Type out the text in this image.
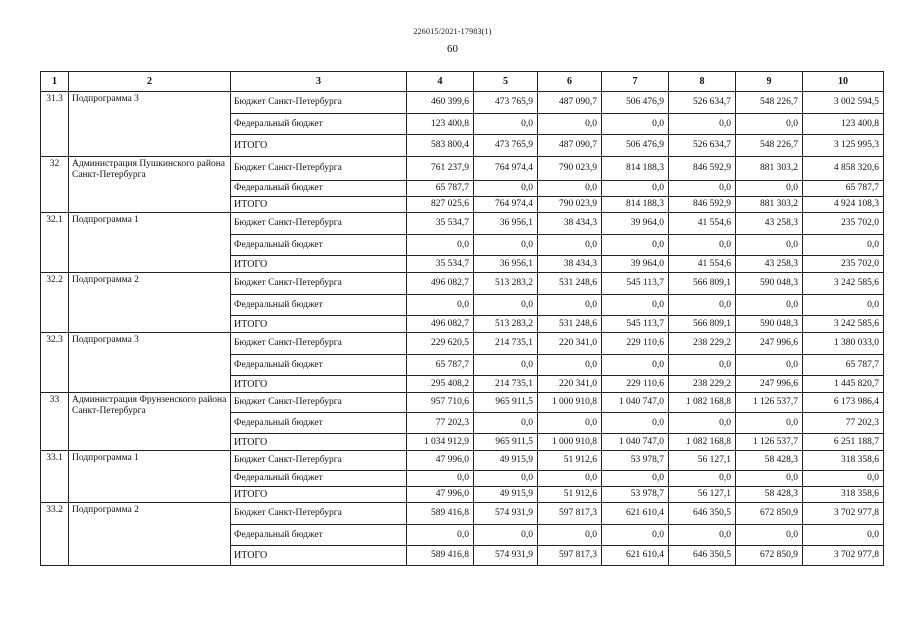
226015/2021-17983(1)
60
1	2	3	4	5	6	7	8	9	10
31.3	Подпрограмма 3	Бюджет Санкт-Петербурга	460 399,6	473 765,9	487 090,7	506 476,9	526 634,7	548 226,7	3 002 594,5
		Федеральный бюджет	123 400,8	0,0	0,0	0,0	0,0	0,0	123 400,8
		ИТОГО	583 800,4	473 765,9	487 090,7	506 476,9	526 634,7	548 226,7	3 125 995,3
32	Администрация Пушкинского района Санкт-Петербурга	Бюджет Санкт-Петербурга	761 237,9	764 974,4	790 023,9	814 188,3	846 592,9	881 303,2	4 858 320,6
		Федеральный бюджет	65 787,7	0,0	0,0	0,0	0,0	0,0	65 787,7
		ИТОГО	827 025,6	764 974,4	790 023,9	814 188,3	846 592,9	881 303,2	4 924 108,3
32.1	Подпрограмма 1	Бюджет Санкт-Петербурга	35 534,7	36 956,1	38 434,3	39 964,0	41 554,6	43 258,3	235 702,0
		Федеральный бюджет	0,0	0,0	0,0	0,0	0,0	0,0	0,0
		ИТОГО	35 534,7	36 956,1	38 434,3	39 964,0	41 554,6	43 258,3	235 702,0
32.2	Подпрограмма 2	Бюджет Санкт-Петербурга	496 082,7	513 283,2	531 248,6	545 113,7	566 809,1	590 048,3	3 242 585,6
		Федеральный бюджет	0,0	0,0	0,0	0,0	0,0	0,0	0,0
		ИТОГО	496 082,7	513 283,2	531 248,6	545 113,7	566 809,1	590 048,3	3 242 585,6
32.3	Подпрограмма 3	Бюджет Санкт-Петербурга	229 620,5	214 735,1	220 341,0	229 110,6	238 229,2	247 996,6	1 380 033,0
		Федеральный бюджет	65 787,7	0,0	0,0	0,0	0,0	0,0	65 787,7
		ИТОГО	295 408,2	214 735,1	220 341,0	229 110,6	238 229,2	247 996,6	1 445 820,7
33	Администрация Фрунзенского района Санкт-Петербурга	Бюджет Санкт-Петербурга	957 710,6	965 911,5	1 000 910,8	1 040 747,0	1 082 168,8	1 126 537,7	6 173 986,4
		Федеральный бюджет	77 202,3	0,0	0,0	0,0	0,0	0,0	77 202,3
		ИТОГО	1 034 912,9	965 911,5	1 000 910,8	1 040 747,0	1 082 168,8	1 126 537,7	6 251 188,7
33.1	Подпрограмма 1	Бюджет Санкт-Петербурга	47 996,0	49 915,9	51 912,6	53 978,7	56 127,1	58 428,3	318 358,6
		Федеральный бюджет	0,0	0,0	0,0	0,0	0,0	0,0	0,0
		ИТОГО	47 996,0	49 915,9	51 912,6	53 978,7	56 127,1	58 428,3	318 358,6
33.2	Подпрограмма 2	Бюджет Санкт-Петербурга	589 416,8	574 931,9	597 817,3	621 610,4	646 350,5	672 850,9	3 702 977,8
		Федеральный бюджет	0,0	0,0	0,0	0,0	0,0	0,0	0,0
		ИТОГО	589 416,8	574 931,9	597 817,3	621 610,4	646 350,5	672 850,9	3 702 977,8
